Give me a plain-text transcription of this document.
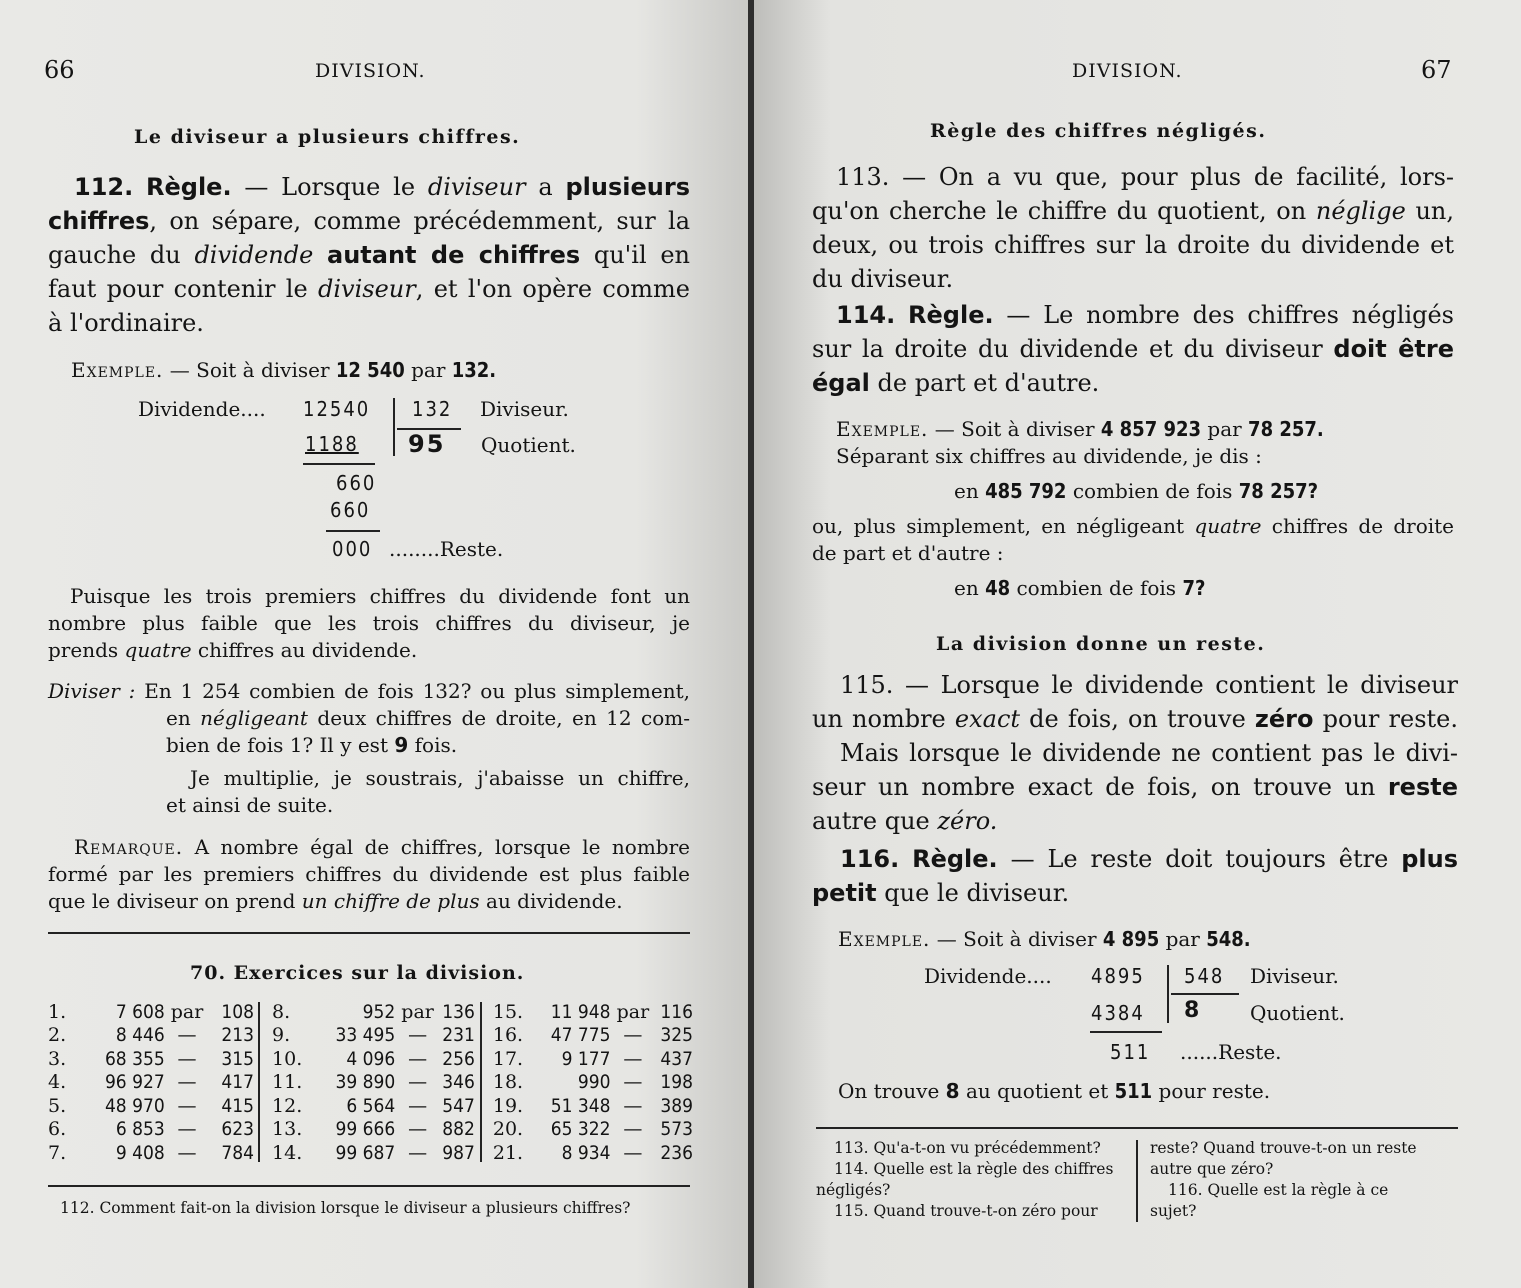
66	DIVISION.
Le diviseur a plusieurs chiffres.
112. Règle. — Lorsque le diviseur a plusieurs
chiffres, on sépare, comme précédemment, sur la
gauche du dividende autant de chiffres qu'il en
faut pour contenir le diviseur, et l'on opère comme
à l'ordinaire.
Exemple. — Soit à diviser 12 540 par 132.
Dividende.... 12540 132 Diviseur.
1188 95 Quotient.
660
660
000 ........Reste.
Puisque les trois premiers chiffres du dividende font un
nombre plus faible que les trois chiffres du diviseur, je
prends quatre chiffres au dividende.
Diviser : En 1 254 combien de fois 132? ou plus simplement,
en négligeant deux chiffres de droite, en 12 com-
bien de fois 1? Il y est 9 fois.
Je multiplie, je soustrais, j'abaisse un chiffre,
et ainsi de suite.
Remarque. A nombre égal de chiffres, lorsque le nombre
formé par les premiers chiffres du dividende est plus faible
que le diviseur on prend un chiffre de plus au dividende.
70. Exercices sur la division.
1.	7 608	par	108	8.	952	par	136	15.	11 948	par	116
2.	8 446	—	213	9.	33 495	—	231	16.	47 775	—	325
3.	68 355	—	315	10.	4 096	—	256	17.	9 177	—	437
4.	96 927	—	417	11.	39 890	—	346	18.	990	—	198
5.	48 970	—	415	12.	6 564	—	547	19.	51 348	—	389
6.	6 853	—	623	13.	99 666	—	882	20.	65 322	—	573
7.	9 408	—	784	14.	99 687	—	987	21.	8 934	—	236
112. Comment fait-on la division lorsque le diviseur a plusieurs chiffres?
DIVISION.	67
Règle des chiffres négligés.
113. — On a vu que, pour plus de facilité, lors-
qu'on cherche le chiffre du quotient, on néglige un,
deux, ou trois chiffres sur la droite du dividende et
du diviseur.
114. Règle. — Le nombre des chiffres négligés
sur la droite du dividende et du diviseur doit être
égal de part et d'autre.
Exemple. — Soit à diviser 4 857 923 par 78 257.
Séparant six chiffres au dividende, je dis :
en 485 792 combien de fois 78 257?
ou, plus simplement, en négligeant quatre chiffres de droite
de part et d'autre :
en 48 combien de fois 7?
La division donne un reste.
115. — Lorsque le dividende contient le diviseur
un nombre exact de fois, on trouve zéro pour reste.
Mais lorsque le dividende ne contient pas le divi-
seur un nombre exact de fois, on trouve un reste
autre que zéro.
116. Règle. — Le reste doit toujours être plus
petit que le diviseur.
Exemple. — Soit à diviser 4 895 par 548.
Dividende.... 4895 548 Diviseur.
4384 8	Quotient.
511 ......Reste.
On trouve 8 au quotient et 511 pour reste.
113. Qu'a-t-on vu précédemment?
114. Quelle est la règle des chiffres
négligés?
115. Quand trouve-t-on zéro pour
reste? Quand trouve-t-on un reste
autre que zéro?
116. Quelle est la règle à ce
sujet?
